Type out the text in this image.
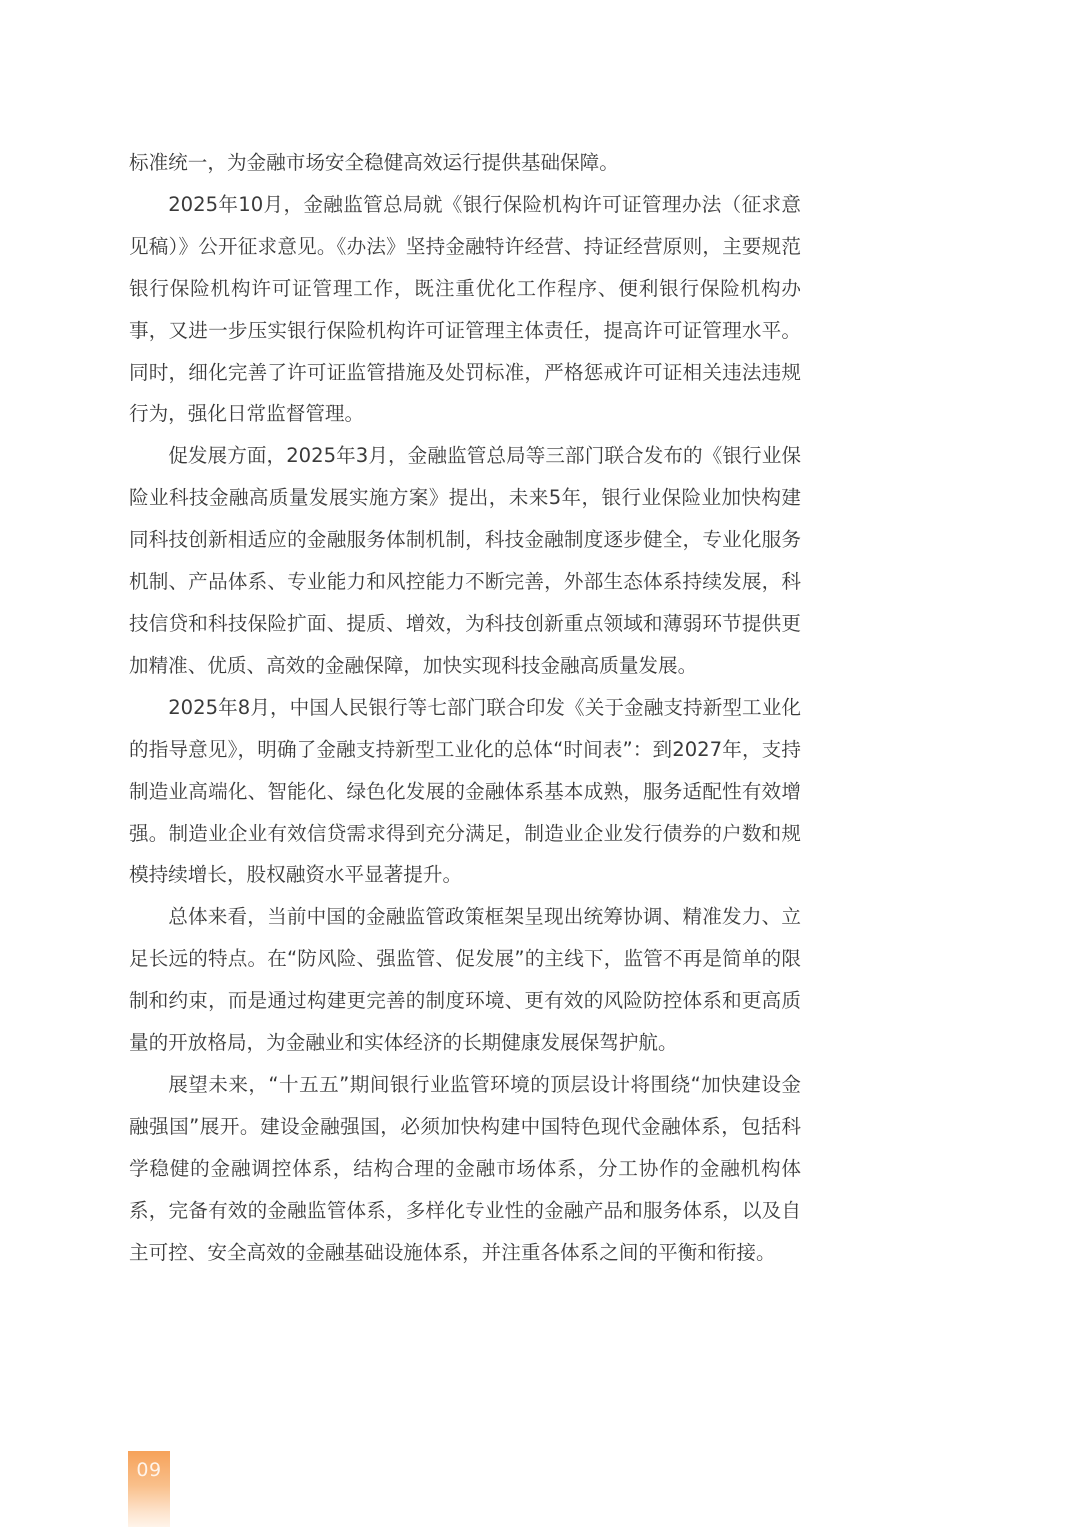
标准统一，为金融市场安全稳健高效运行提供基础保障。

2025年10月，金融监管总局就《银行保险机构许可证管理办法（征求意见稿）》公开征求意见。《办法》坚持金融特许经营、持证经营原则，主要规范银行保险机构许可证管理工作，既注重优化工作程序、便利银行保险机构办事，又进一步压实银行保险机构许可证管理主体责任，提高许可证管理水平。同时，细化完善了许可证监管措施及处罚标准，严格惩戒许可证相关违法违规行为，强化日常监督管理。

促发展方面，2025年3月，金融监管总局等三部门联合发布的《银行业保险业科技金融高质量发展实施方案》提出，未来5年，银行业保险业加快构建同科技创新相适应的金融服务体制机制，科技金融制度逐步健全，专业化服务机制、产品体系、专业能力和风控能力不断完善，外部生态体系持续发展，科技信贷和科技保险扩面、提质、增效，为科技创新重点领域和薄弱环节提供更加精准、优质、高效的金融保障，加快实现科技金融高质量发展。

2025年8月，中国人民银行等七部门联合印发《关于金融支持新型工业化的指导意见》，明确了金融支持新型工业化的总体“时间表”：到2027年，支持制造业高端化、智能化、绿色化发展的金融体系基本成熟，服务适配性有效增强。制造业企业有效信贷需求得到充分满足，制造业企业发行债券的户数和规模持续增长，股权融资水平显著提升。

总体来看，当前中国的金融监管政策框架呈现出统筹协调、精准发力、立足长远的特点。在“防风险、强监管、促发展”的主线下，监管不再是简单的限制和约束，而是通过构建更完善的制度环境、更有效的风险防控体系和更高质量的开放格局，为金融业和实体经济的长期健康发展保驾护航。

展望未来，“十五五”期间银行业监管环境的顶层设计将围绕“加快建设金融强国”展开。建设金融强国，必须加快构建中国特色现代金融体系，包括科学稳健的金融调控体系，结构合理的金融市场体系，分工协作的金融机构体系，完备有效的金融监管体系，多样化专业性的金融产品和服务体系，以及自主可控、安全高效的金融基础设施体系，并注重各体系之间的平衡和衔接。

09
